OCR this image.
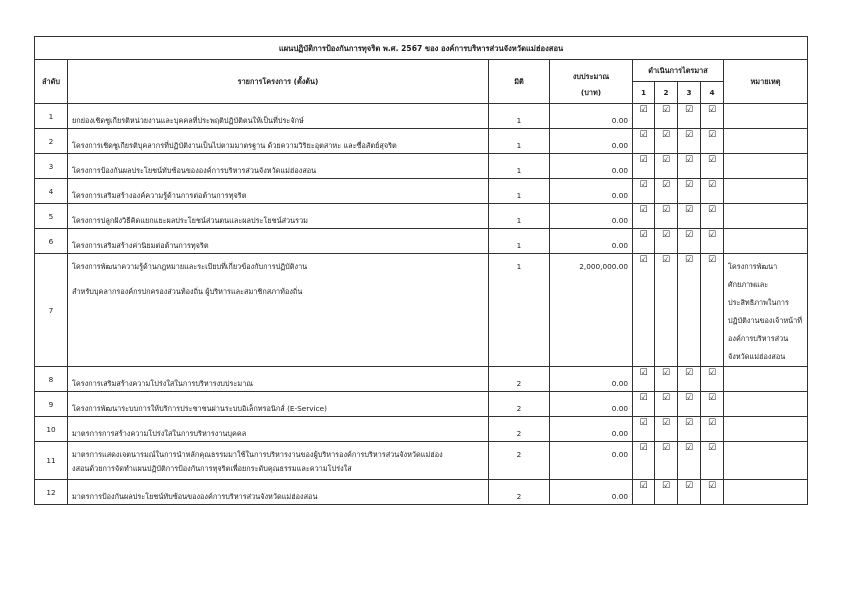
แผนปฏิบัติการป้องกันการทุจริต พ.ศ. 2567 ของ องค์การบริหารส่วนจังหวัดแม่ฮ่องสอน								
ลำดับ	รายการโครงการ (ตั้งต้น)	มิติ	งบประมาณ	ดำเนินการไตรมาส				หมายเหตุ
			(บาท)	1	2	3	4	
1	ยกย่องเชิดชูเกียรติหน่วยงานและบุคคลที่ประพฤติปฏิบัติตนให้เป็นที่ประจักษ์	1	0.00	☑	☑	☑	☑	
2	โครงการเชิดชูเกียรติบุคลากรที่ปฏิบัติงานเป็นไปตามมาตรฐาน ด้วยความวิริยะอุตสาหะ และซื่อสัตย์สุจริต	1	0.00	☑	☑	☑	☑	
3	โครงการป้องกันผลประโยชน์ทับซ้อนขององค์การบริหารส่วนจังหวัดแม่ฮ่องสอน	1	0.00	☑	☑	☑	☑	
4	โครงการเสริมสร้างองค์ความรู้ด้านการต่อต้านการทุจริต	1	0.00	☑	☑	☑	☑	
5	โครงการปลูกฝังวิธีคิดแยกแยะผลประโยชน์ส่วนตนและผลประโยชน์ส่วนรวม	1	0.00	☑	☑	☑	☑	
6	โครงการเสริมสร้างค่านิยมต่อต้านการทุจริต	1	0.00	☑	☑	☑	☑	
7	โครงการพัฒนาความรู้ด้านกฎหมายและระเบียบที่เกี่ยวข้องกับการปฏิบัติงาน
สำหรับบุคลากรองค์กรปกครองส่วนท้องถิ่น ผู้บริหารและสมาชิกสภาท้องถิ่น	1	2,000,000.00	☑	☑	☑	☑	โครงการพัฒนาศักยภาพและประสิทธิภาพในการปฏิบัติงานของเจ้าหน้าที่องค์การบริหารส่วนจังหวัดแม่ฮ่องสอน
8	โครงการเสริมสร้างความโปร่งใสในการบริหารงบประมาณ	2	0.00	☑	☑	☑	☑	
9	โครงการพัฒนาระบบการให้บริการประชาชนผ่านระบบอิเล็กทรอนิกส์ (E-Service)	2	0.00	☑	☑	☑	☑	
10	มาตรการการสร้างความโปร่งใสในการบริหารงานบุคคล	2	0.00	☑	☑	☑	☑	
11	มาตรการแสดงเจตนารมณ์ในการนำหลักคุณธรรมมาใช้ในการบริหารงานของผู้บริหารองค์การบริหารส่วนจังหวัดแม่ฮ่อง
งสอนด้วยการจัดทำแผนปฏิบัติการป้องกันการทุจริตเพื่อยกระดับคุณธรรมและความโปร่งใส	2	0.00	☑	☑	☑	☑	
12	มาตรการป้องกันผลประโยชน์ทับซ้อนขององค์การบริหารส่วนจังหวัดแม่ฮ่องสอน	2	0.00	☑	☑	☑	☑	
